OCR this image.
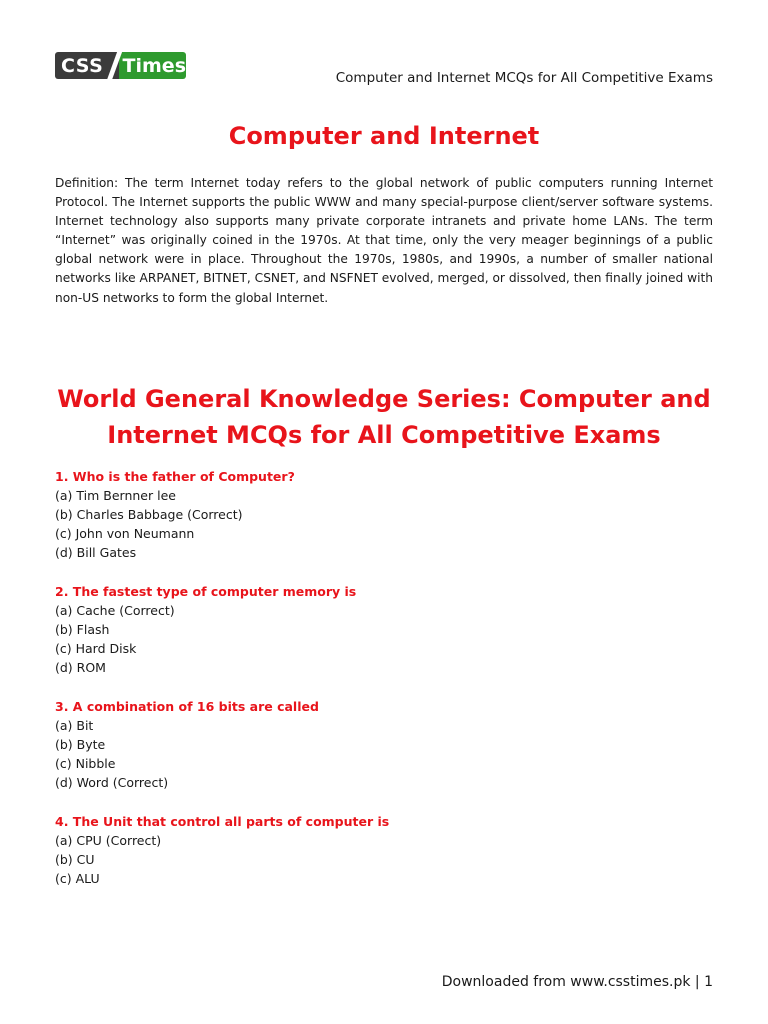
CSS	Times
Computer and Internet MCQs for All Competitive Exams
Computer and Internet

Definition: The term Internet today refers to the global network of public computers running Internet Protocol. The Internet supports the public WWW and many special-purpose client/server software systems. Internet technology also supports many private corporate intranets and private home LANs. The term “Internet” was originally coined in the 1970s. At that time, only the very meager beginnings of a public global network were in place. Throughout the 1970s, 1980s, and 1990s, a number of smaller national networks like ARPANET, BITNET, CSNET, and NSFNET evolved, merged, or dissolved, then finally joined with non-US networks to form the global Internet.

World General Knowledge Series: Computer and Internet MCQs for All Competitive Exams
1. Who is the father of Computer?
(a) Tim Bernner lee
(b) Charles Babbage (Correct)
(c) John von Neumann
(d) Bill Gates
2. The fastest type of computer memory is
(a) Cache (Correct)
(b) Flash
(c) Hard Disk
(d) ROM
3. A combination of 16 bits are called
(a) Bit
(b) Byte
(c) Nibble
(d) Word (Correct)
4. The Unit that control all parts of computer is
(a) CPU (Correct)
(b) CU
(c) ALU
Downloaded from www.csstimes.pk | 1
